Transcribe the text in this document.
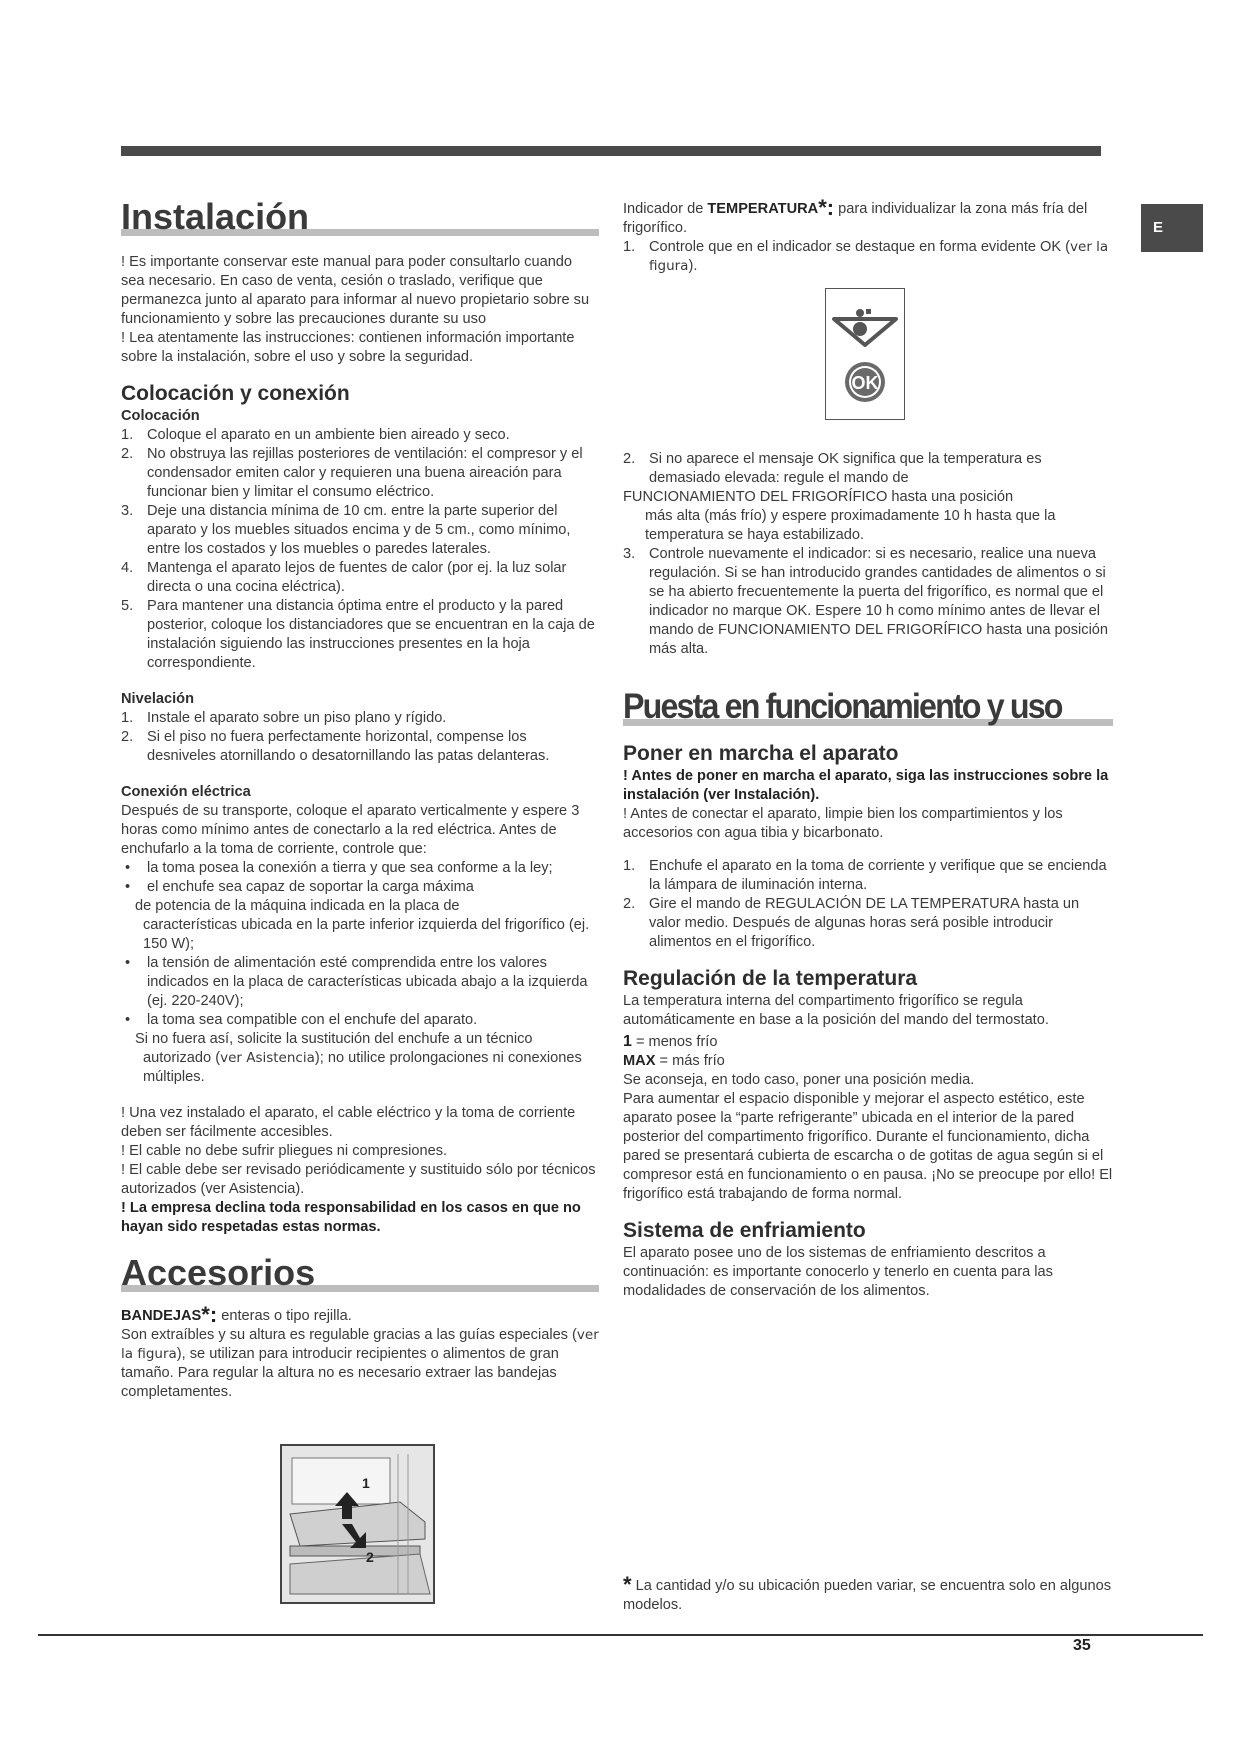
E
Instalación

! Es importante conservar este manual para poder consultarlo cuando sea necesario. En caso de venta, cesión o traslado, verifique que permanezca junto al aparato para informar al nuevo propietario sobre su funcionamiento y sobre las precauciones durante su uso

! Lea atentamente las instrucciones: contienen información importante sobre la instalación, sobre el uso y sobre la seguridad.

Colocación y conexión
Colocación
1. Coloque el aparato en un ambiente bien aireado y seco.
2. No obstruya las rejillas posteriores de ventilación: el compresor y el condensador emiten calor y requieren una buena aireación para funcionar bien y limitar el consumo eléctrico.
3. Deje una distancia mínima de 10 cm. entre la parte superior del aparato y los muebles situados encima y de 5 cm., como mínimo, entre los costados y los muebles o paredes laterales.
4. Mantenga el aparato lejos de fuentes de calor (por ej. la luz solar directa o una cocina eléctrica).
5. Para mantener una distancia óptima entre el producto y la pared posterior, coloque los distanciadores que se encuentran en la caja de instalación siguiendo las instrucciones presentes en la hoja correspondiente.
Nivelación
1. Instale el aparato sobre un piso plano y rígido.
2. Si el piso no fuera perfectamente horizontal, compense los desniveles atornillando o desatornillando las patas delanteras.
Conexión eléctrica

Después de su transporte, coloque el aparato verticalmente y espere 3 horas como mínimo antes de conectarlo a la red eléctrica. Antes de enchufarlo a la toma de corriente, controle que:

• la toma posea la conexión a tierra y que sea conforme a la ley;
• el enchufe sea capaz de soportar la carga máxima

de potencia de la máquina indicada en la placa de

características ubicada en la parte inferior izquierda del frigorífico (ej. 150 W);

• la tensión de alimentación esté comprendida entre los valores indicados en la placa de características ubicada abajo a la izquierda (ej. 220-240V);
• la toma sea compatible con el enchufe del aparato.

Si no fuera así, solicite la sustitución del enchufe a un técnico

autorizado (ver Asistencia); no utilice prolongaciones ni conexiones múltiples.

! Una vez instalado el aparato, el cable eléctrico y la toma de corriente deben ser fácilmente accesibles.

! El cable no debe sufrir pliegues ni compresiones.

! El cable debe ser revisado periódicamente y sustituido sólo por técnicos autorizados (ver Asistencia).

! La empresa declina toda responsabilidad en los casos en que no hayan sido respetadas estas normas.

Accesorios

BANDEJAS*: enteras o tipo rejilla.

Son extraíbles y su altura es regulable gracias a las guías especiales (ver la figura), se utilizan para introducir recipientes o alimentos de gran tamaño. Para regular la altura no es necesario extraer las bandejas completamentes.

1
2

Indicador de TEMPERATURA*: para individualizar la zona más fría del frigorífico.

1. Controle que en el indicador se destaque en forma evidente OK (ver la figura).
2. Si no aparece el mensaje OK significa que la temperatura es demasiado elevada: regule el mando de

FUNCIONAMIENTO DEL FRIGORÍFICO hasta una posición

más alta (más frío) y espere proximadamente 10 h hasta que la temperatura se haya estabilizado.

3. Controle nuevamente el indicador: si es necesario, realice una nueva regulación. Si se han introducido grandes cantidades de alimentos o si se ha abierto frecuentemente la puerta del frigorífico, es normal que el indicador no marque OK. Espere 10 h como mínimo antes de llevar el mando de FUNCIONAMIENTO DEL FRIGORÍFICO hasta una posición más alta.
Puesta en funcionamiento y uso
Poner en marcha el aparato

! Antes de poner en marcha el aparato, siga las instrucciones sobre la instalación (ver Instalación).

! Antes de conectar el aparato, limpie bien los compartimientos y los accesorios con agua tibia y bicarbonato.

1. Enchufe el aparato en la toma de corriente y verifique que se encienda la lámpara de iluminación interna.
2. Gire el mando de REGULACIÓN DE LA TEMPERATURA hasta un valor medio. Después de algunas horas será posible introducir alimentos en el frigorífico.
Regulación de la temperatura

La temperatura interna del compartimento frigorífico se regula automáticamente en base a la posición del mando del termostato.

1 = menos frío

MAX = más frío

Se aconseja, en todo caso, poner una posición media.

Para aumentar el espacio disponible y mejorar el aspecto estético, este aparato posee la “parte refrigerante” ubicada en el interior de la pared posterior del compartimento frigorífico. Durante el funcionamiento, dicha pared se presentará cubierta de escarcha o de gotitas de agua según si el compresor está en funcionamiento o en pausa. ¡No se preocupe por ello! El frigorífico está trabajando de forma normal.

Sistema de enfriamiento

El aparato posee uno de los sistemas de enfriamiento descritos a continuación: es importante conocerlo y tenerlo en cuenta para las modalidades de conservación de los alimentos.

OK

* La cantidad y/o su ubicación pueden variar, se encuentra solo en algunos modelos.

35
